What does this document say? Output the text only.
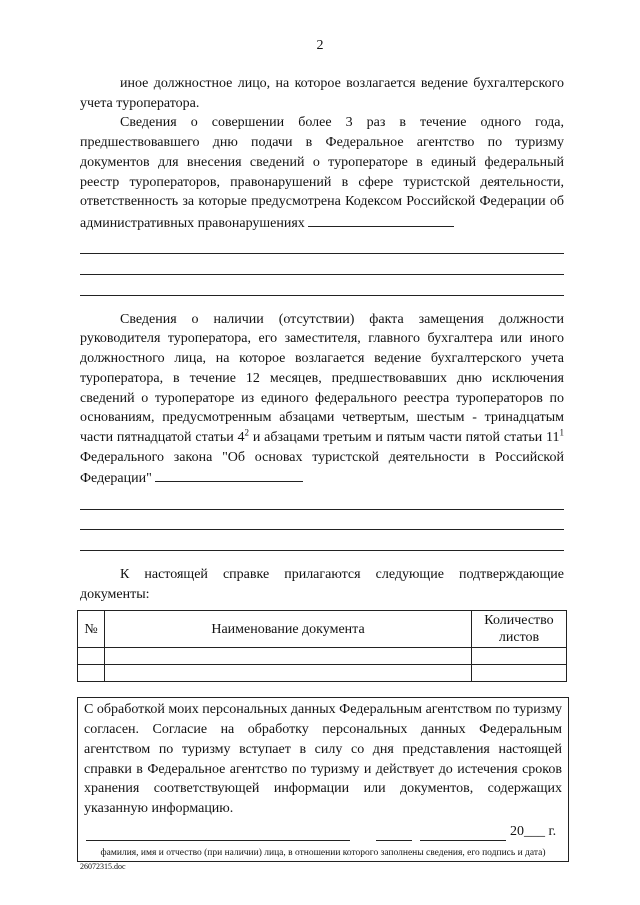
2

иное должностное лицо, на которое возлагается ведение бухгалтерского учета туроператора.

Сведения о совершении более 3 раз в течение одного года, предшествовавшего дню подачи в Федеральное агентство по туризму документов для внесения сведений о туроператоре в единый федеральный реестр туроператоров, правонарушений в сфере туристской деятельности, ответственность за которые предусмотрена Кодексом Российской Федерации об административных правонарушениях

Сведения о наличии (отсутствии) факта замещения должности руководителя туроператора, его заместителя, главного бухгалтера или иного должностного лица, на которое возлагается ведение бухгалтерского учета туроператора, в течение 12 месяцев, предшествовавших дню исключения сведений о туроператоре из единого федерального реестра туроператоров по основаниям, предусмотренным абзацами четвертым, шестым - тринадцатым части пятнадцатой статьи $4^2$ и абзацами третьим и пятым части пятой статьи $11^1$ Федерального закона "Об основах туристской деятельности в Российской Федерации"

К настоящей справке прилагаются следующие подтверждающие документы:

№	Наименование документа	Количество листов

С обработкой моих персональных данных Федеральным агентством по туризму согласен. Согласие на обработку персональных данных Федеральным агентством по туризму вступает в силу со дня представления настоящей справки в Федеральное агентство по туризму и действует до истечения сроков хранения соответствующей информации или документов, содержащих указанную информацию.

20___ г.
фамилия, имя и отчество (при наличии) лица, в отношении которого заполнены сведения, его подпись и дата)
26072315.doc
